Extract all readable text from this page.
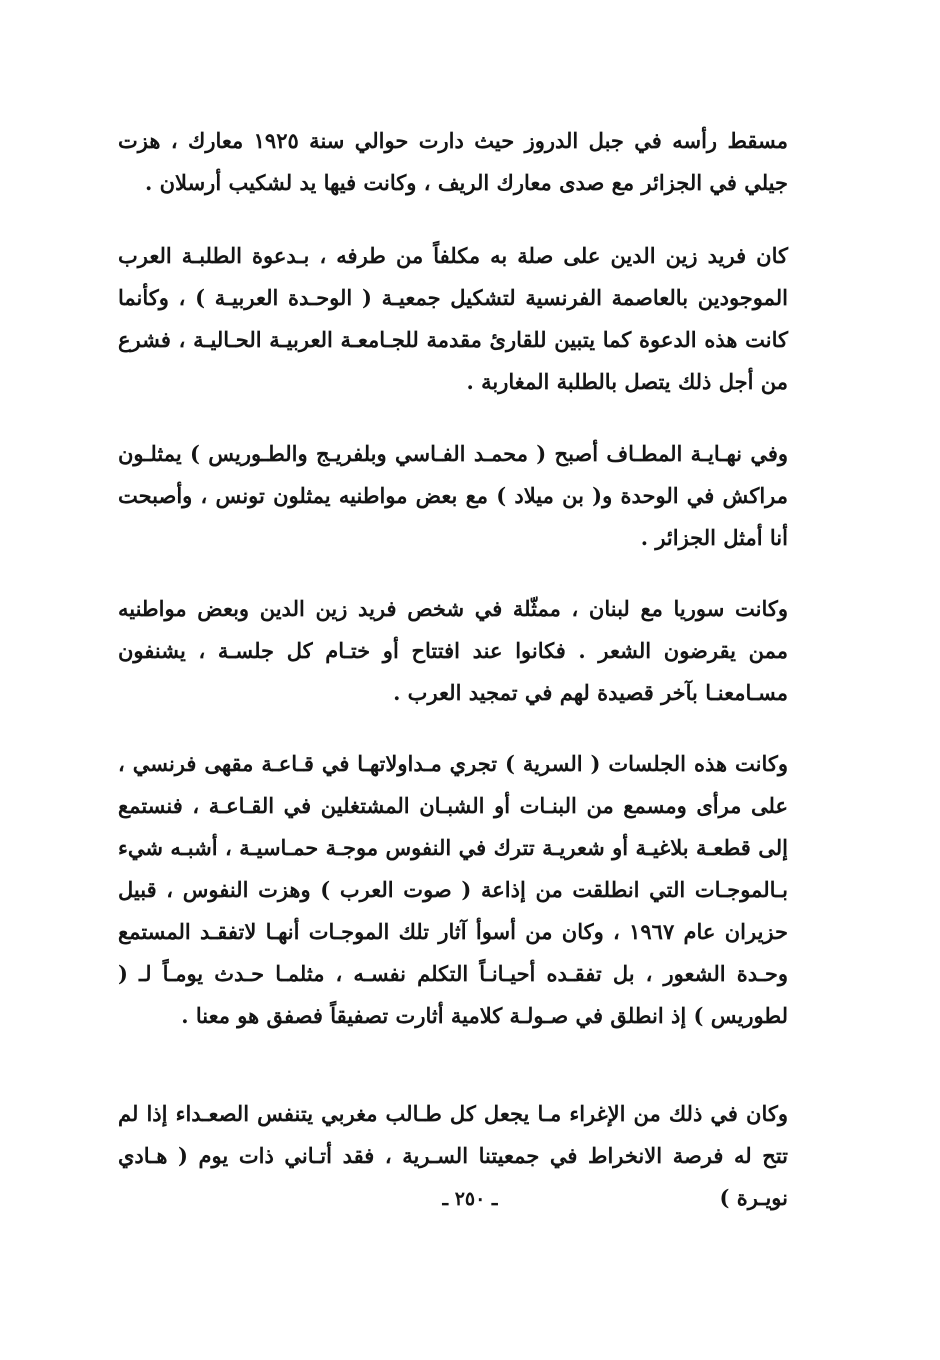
مسقط رأسه في جبل الدروز حيث دارت حوالي سنة ١٩٢٥ معارك ، هزت جيلي في الجزائر مع صدى معارك الريف ، وكانت فيها يد لشكيب أرسلان .

كان فريد زين الدين على صلة به مكلفاً من طرفه ، بـدعوة الطلبـة العرب الموجودين بالعاصمة الفرنسية لتشكيل جمعيـة ( الوحـدة العربيـة ) ، وكأنما كانت هذه الدعوة كما يتبين للقارئ مقدمة للجـامعـة العربيـة الحـاليـة ، فشرع من أجل ذلك يتصل بالطلبة المغاربة .

وفي نهـايـة المطـاف أصبح ( محمـد الفـاسي وبلفريـج والطـوريس ) يمثلـون مراكش في الوحدة و( بن ميلاد ) مع بعض مواطنيه يمثلون تونس ، وأصبحت أنا أمثل الجزائر .

وكانت سوريا مع لبنان ، ممثّلة في شخص فريد زين الدين وبعض مواطنيه ممن يقرضون الشعر . فكانوا عند افتتاح أو ختـام كل جلسـة ، يشنفون مسـامعنـا بآخر قصيدة لهم في تمجيد العرب .

وكانت هذه الجلسات ( السرية ) تجري مـداولاتهـا في قـاعـة مقهى فرنسي ، على مرأى ومسمع من البنـات أو الشبـان المشتغلين في القـاعـة ، فنستمع إلى قطعـة بلاغيـة أو شعريـة تترك في النفوس موجـة حمـاسيـة ، أشبـه شيء بـالموجـات التي انطلقت من إذاعة ( صوت العرب ) وهزت النفوس ، قبيل حزيران عام ١٩٦٧ ، وكان من أسوأ آثار تلك الموجـات أنهـا لاتفقـد المستمع وحـدة الشعور ، بل تفقـده أحيـانـاً التكلم نفسـه ، مثلمـا حـدث يومـاً لـ ( لطوريس ) إذ انطلق في صـولـة كلامية أثارت تصفيقاً فصفق هو معنا .

وكان في ذلك من الإغراء مـا يجعل كل طـالب مغربي يتنفس الصعـداء إذا لم تتح له فرصة الانخراط في جمعيتنا السـرية ، فقد أتـاني ذات يوم ( هـادي نويـرة )

ـ ٢٥٠ ـ
